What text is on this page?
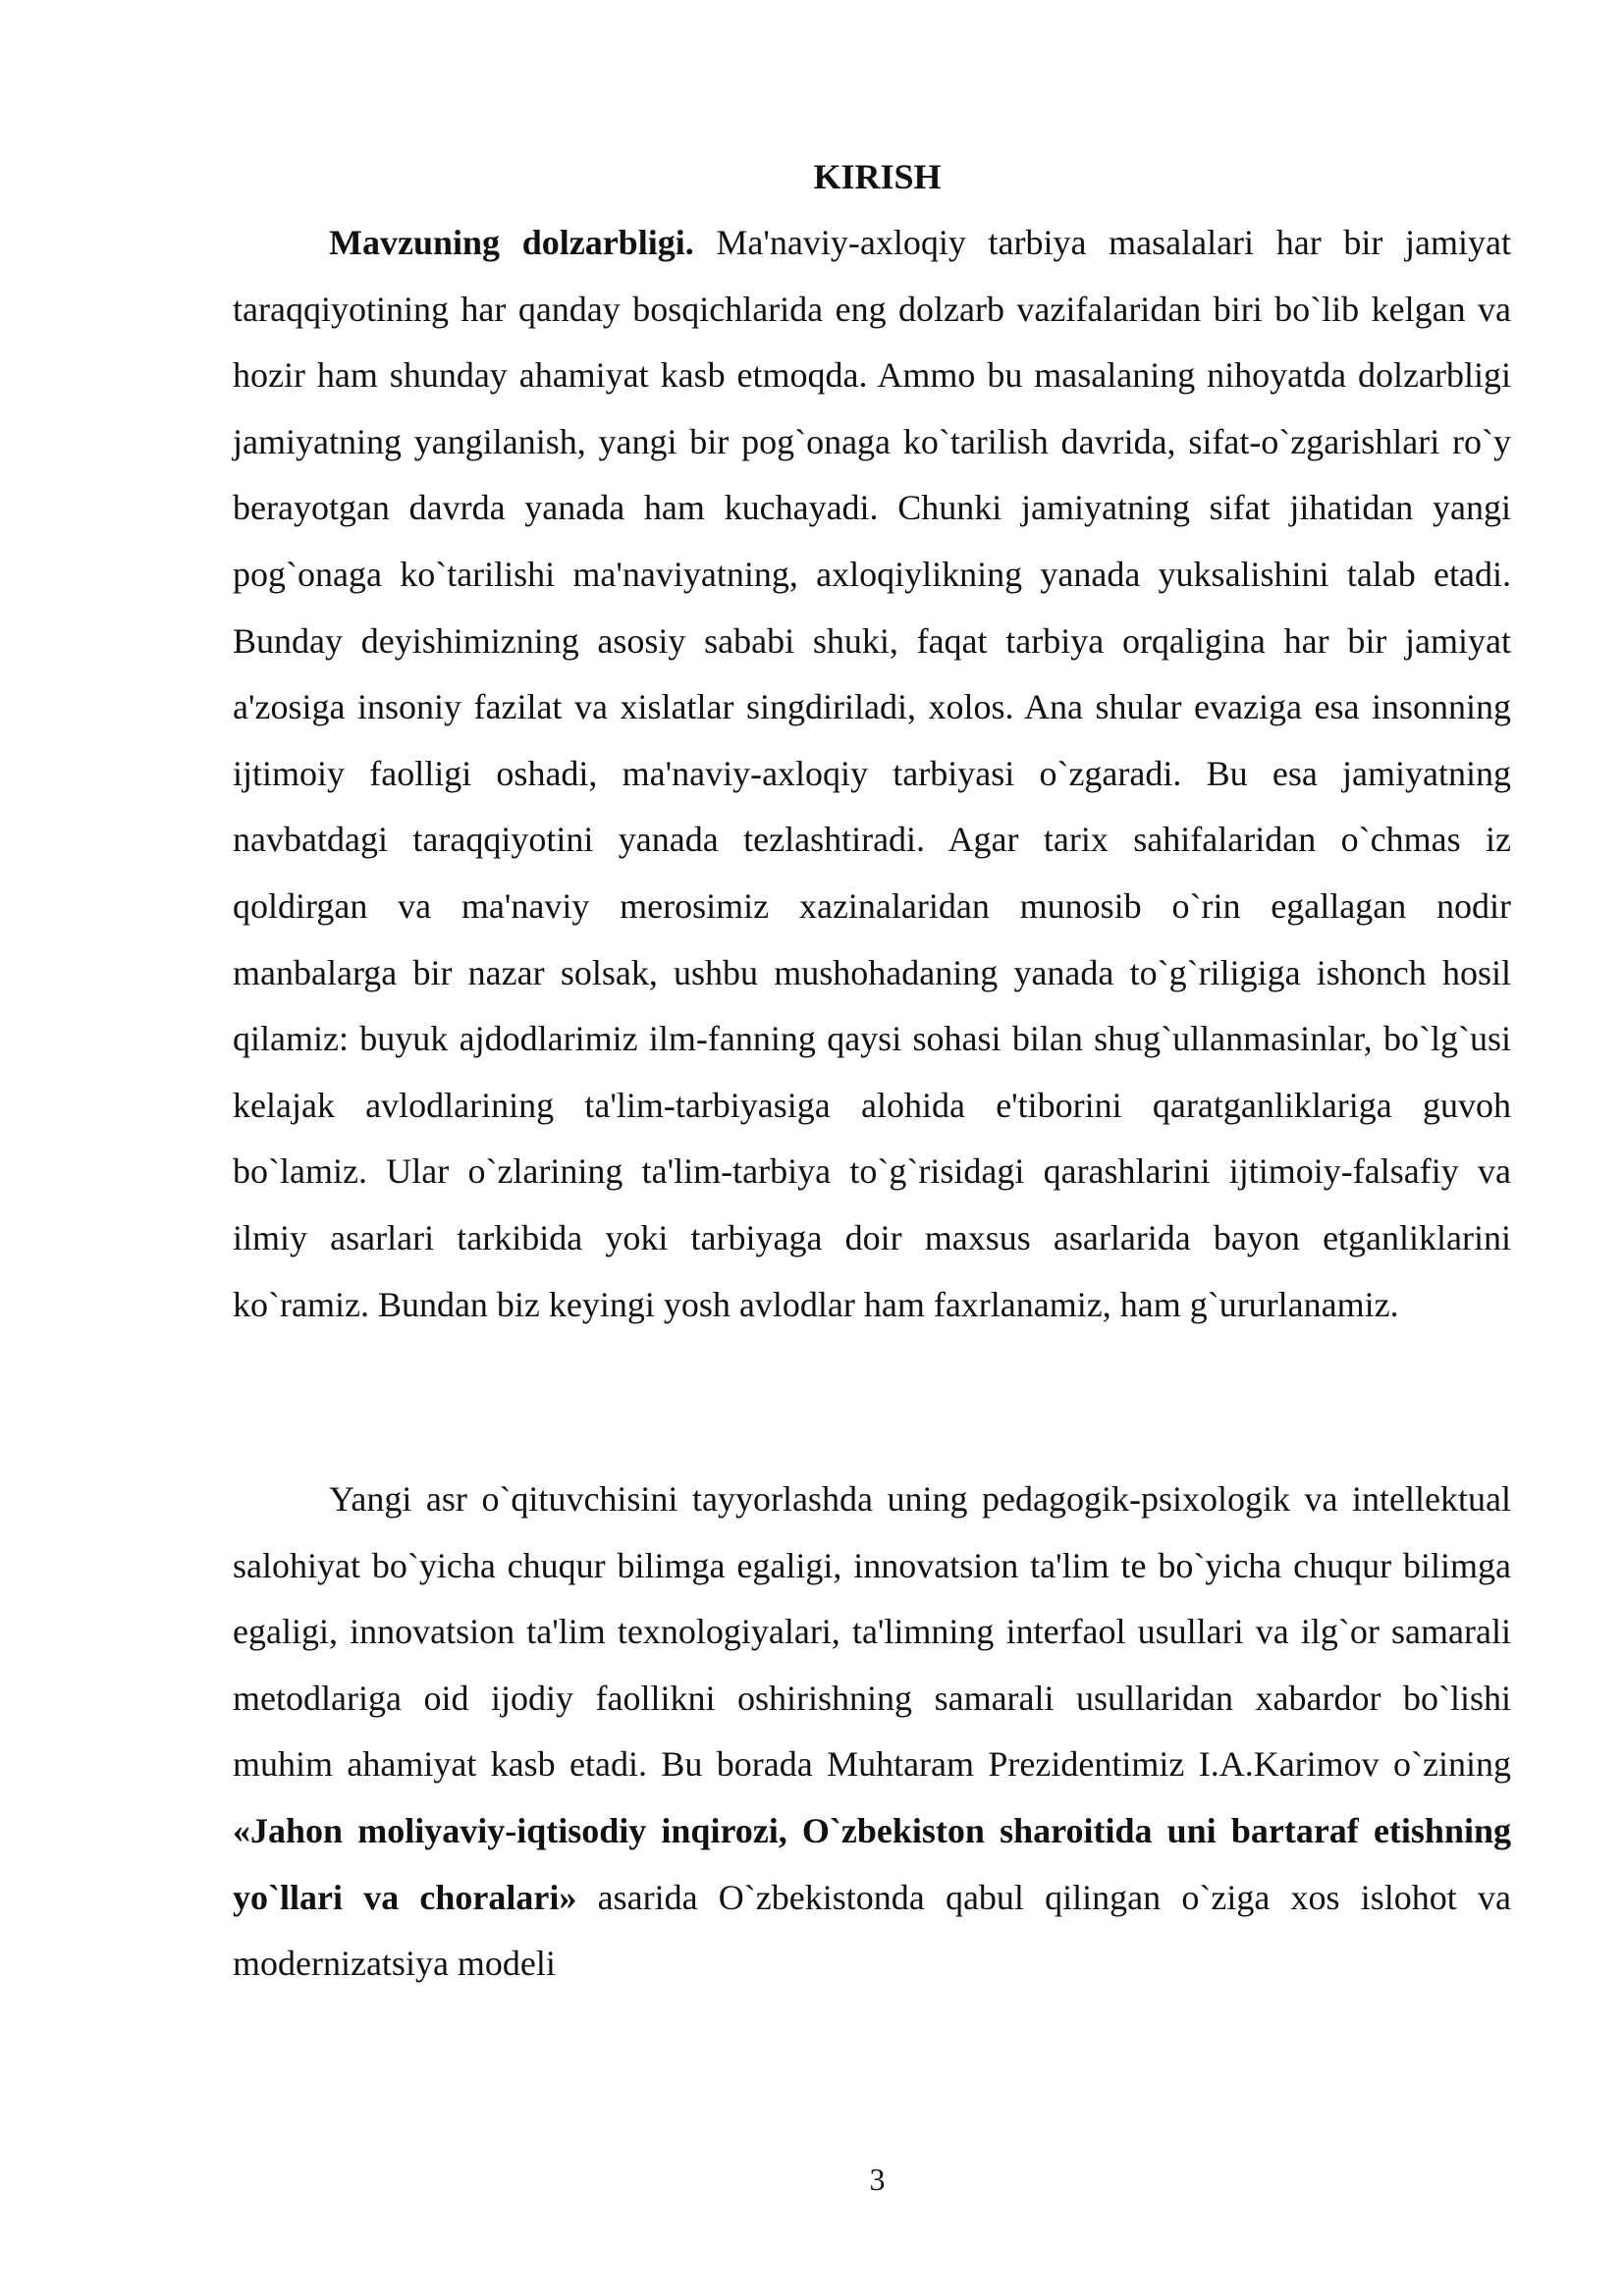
KIRISH

Mavzuning dolzarbligi. Ma'naviy-axloqiy tarbiya masalalari har bir jamiyat taraqqiyotining har qanday bosqichlarida eng dolzarb vazifalaridan biri bo`lib kelgan va hozir ham shunday ahamiyat kasb etmoqda. Ammo bu masalaning nihoyatda dolzarbligi jamiyatning yangilanish, yangi bir pog`onaga ko`tarilish davrida, sifat-o`zgarishlari ro`y berayotgan davrda yanada ham kuchayadi. Chunki jamiyatning sifat jihatidan yangi pog`onaga ko`tarilishi ma'naviyatning, axloqiylikning yanada yuksalishini talab etadi. Bunday deyishimizning asosiy sababi shuki, faqat tarbiya orqaligina har bir jamiyat a'zosiga insoniy fazilat va xislatlar singdiriladi, xolos. Ana shular evaziga esa insonning ijtimoiy faolligi oshadi, ma'naviy-axloqiy tarbiyasi o`zgaradi. Bu esa jamiyatning navbatdagi taraqqiyotini yanada tezlashtiradi. Agar tarix sahifalaridan o`chmas iz qoldirgan va ma'naviy merosimiz xazinalaridan munosib o`rin egallagan nodir manbalarga bir nazar solsak, ushbu mushohadaning yanada to`g`riligiga ishonch hosil qilamiz: buyuk ajdodlarimiz ilm-fanning qaysi sohasi bilan shug`ullanmasinlar, bo`lg`usi kelajak avlodlarining ta'lim-tarbiyasiga alohida e'tiborini qaratganliklariga guvoh bo`lamiz. Ular o`zlarining ta'lim-tarbiya to`g`risidagi qarashlarini ijtimoiy-falsafiy va ilmiy asarlari tarkibida yoki tarbiyaga doir maxsus asarlarida bayon etganliklarini ko`ramiz. Bundan biz keyingi yosh avlodlar ham faxrlanamiz, ham g`ururlanamiz.

Yangi asr o`qituvchisini tayyorlashda uning pedagogik-psixologik va intellektual salohiyat bo`yicha chuqur bilimga egaligi, innovatsion ta'lim te bo`yicha chuqur bilimga egaligi, innovatsion ta'lim texnologiyalari, ta'limning interfaol usullari va ilg`or samarali metodlariga oid ijodiy faollikni oshirishning samarali usullaridan xabardor bo`lishi muhim ahamiyat kasb etadi. Bu borada Muhtaram Prezidentimiz I.A.Karimov o`zining «Jahon moliyaviy-iqtisodiy inqirozi, O`zbekiston sharoitida uni bartaraf etishning yo`llari va choralari» asarida O`zbekistonda qabul qilingan o`ziga xos islohot va modernizatsiya modeli

3
